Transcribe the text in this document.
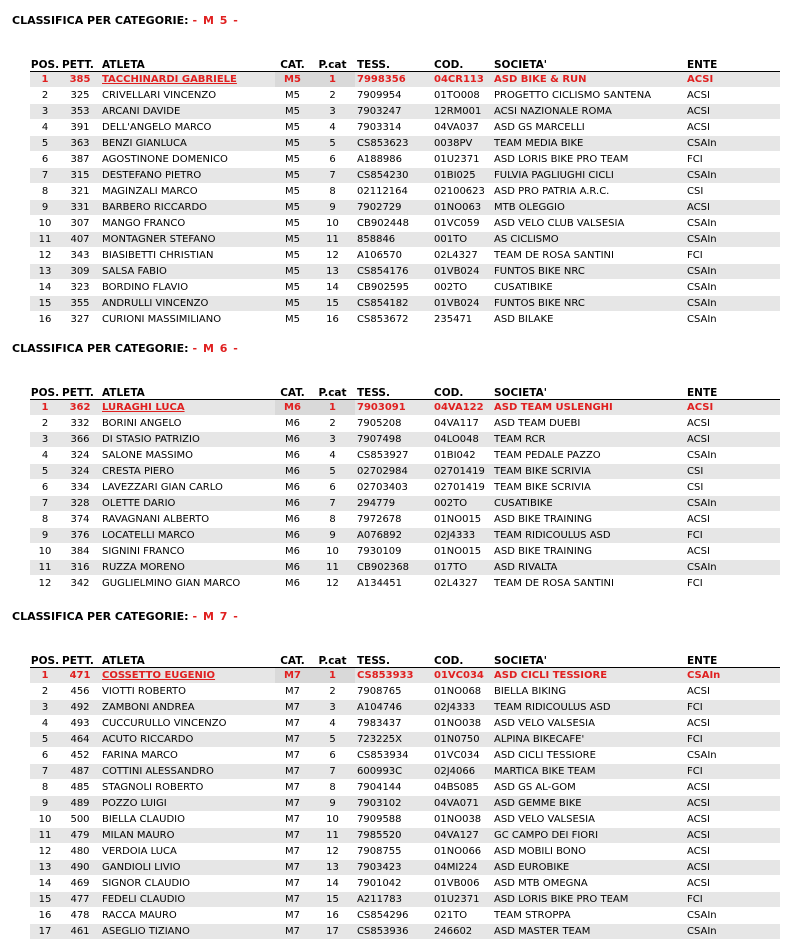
CLASSIFICA PER CATEGORIE: - M 5 -
POS.	PETT.	ATLETA	CAT.	P.cat	TESS.	COD.	SOCIETA'	ENTE
1	385	TACCHINARDI GABRIELE	M5	1	7998356	04CR113	ASD BIKE & RUN	ACSI
2	325	CRIVELLARI VINCENZO	M5	2	7909954	01TO008	PROGETTO CICLISMO SANTENA	ACSI
3	353	ARCANI DAVIDE	M5	3	7903247	12RM001	ACSI NAZIONALE ROMA	ACSI
4	391	DELL'ANGELO MARCO	M5	4	7903314	04VA037	ASD GS MARCELLI	ACSI
5	363	BENZI GIANLUCA	M5	5	CS853623	0038PV	TEAM MEDIA BIKE	CSAIn
6	387	AGOSTINONE DOMENICO	M5	6	A188986	01U2371	ASD LORIS BIKE PRO TEAM	FCI
7	315	DESTEFANO PIETRO	M5	7	CS854230	01BI025	FULVIA PAGLIUGHI CICLI	CSAIn
8	321	MAGINZALI MARCO	M5	8	02112164	02100623	ASD PRO PATRIA A.R.C.	CSI
9	331	BARBERO RICCARDO	M5	9	7902729	01NO063	MTB OLEGGIO	ACSI
10	307	MANGO FRANCO	M5	10	CB902448	01VC059	ASD VELO CLUB VALSESIA	CSAIn
11	407	MONTAGNER STEFANO	M5	11	858846	001TO	AS CICLISMO	CSAIn
12	343	BIASIBETTI CHRISTIAN	M5	12	A106570	02L4327	TEAM DE ROSA SANTINI	FCI
13	309	SALSA FABIO	M5	13	CS854176	01VB024	FUNTOS BIKE NRC	CSAIn
14	323	BORDINO FLAVIO	M5	14	CB902595	002TO	CUSATIBIKE	CSAIn
15	355	ANDRULLI VINCENZO	M5	15	CS854182	01VB024	FUNTOS BIKE NRC	CSAIn
16	327	CURIONI MASSIMILIANO	M5	16	CS853672	235471	ASD BILAKE	CSAIn
CLASSIFICA PER CATEGORIE: - M 6 -
POS.	PETT.	ATLETA	CAT.	P.cat	TESS.	COD.	SOCIETA'	ENTE
1	362	LURAGHI LUCA	M6	1	7903091	04VA122	ASD TEAM USLENGHI	ACSI
2	332	BORINI ANGELO	M6	2	7905208	04VA117	ASD TEAM DUEBI	ACSI
3	366	DI STASIO PATRIZIO	M6	3	7907498	04LO048	TEAM RCR	ACSI
4	324	SALONE MASSIMO	M6	4	CS853927	01BI042	TEAM PEDALE PAZZO	CSAIn
5	324	CRESTA PIERO	M6	5	02702984	02701419	TEAM BIKE SCRIVIA	CSI
6	334	LAVEZZARI GIAN CARLO	M6	6	02703403	02701419	TEAM BIKE SCRIVIA	CSI
7	328	OLETTE DARIO	M6	7	294779	002TO	CUSATIBIKE	CSAIn
8	374	RAVAGNANI ALBERTO	M6	8	7972678	01NO015	ASD BIKE TRAINING	ACSI
9	376	LOCATELLI MARCO	M6	9	A076892	02J4333	TEAM RIDICOULUS ASD	FCI
10	384	SIGNINI FRANCO	M6	10	7930109	01NO015	ASD BIKE TRAINING	ACSI
11	316	RUZZA MORENO	M6	11	CB902368	017TO	ASD RIVALTA	CSAIn
12	342	GUGLIELMINO GIAN MARCO	M6	12	A134451	02L4327	TEAM DE ROSA SANTINI	FCI
CLASSIFICA PER CATEGORIE: - M 7 -
POS.	PETT.	ATLETA	CAT.	P.cat	TESS.	COD.	SOCIETA'	ENTE
1	471	COSSETTO EUGENIO	M7	1	CS853933	01VC034	ASD CICLI TESSIORE	CSAIn
2	456	VIOTTI ROBERTO	M7	2	7908765	01NO068	BIELLA BIKING	ACSI
3	492	ZAMBONI ANDREA	M7	3	A104746	02J4333	TEAM RIDICOULUS ASD	FCI
4	493	CUCCURULLO VINCENZO	M7	4	7983437	01NO038	ASD VELO VALSESIA	ACSI
5	464	ACUTO RICCARDO	M7	5	723225X	01N0750	ALPINA BIKECAFE'	FCI
6	452	FARINA MARCO	M7	6	CS853934	01VC034	ASD CICLI TESSIORE	CSAIn
7	487	COTTINI ALESSANDRO	M7	7	600993C	02J4066	MARTICA BIKE TEAM	FCI
8	485	STAGNOLI ROBERTO	M7	8	7904144	04BS085	ASD GS AL-GOM	ACSI
9	489	POZZO LUIGI	M7	9	7903102	04VA071	ASD GEMME BIKE	ACSI
10	500	BIELLA CLAUDIO	M7	10	7909588	01NO038	ASD VELO VALSESIA	ACSI
11	479	MILAN MAURO	M7	11	7985520	04VA127	GC CAMPO DEI FIORI	ACSI
12	480	VERDOIA LUCA	M7	12	7908755	01NO066	ASD MOBILI BONO	ACSI
13	490	GANDIOLI LIVIO	M7	13	7903423	04MI224	ASD EUROBIKE	ACSI
14	469	SIGNOR CLAUDIO	M7	14	7901042	01VB006	ASD MTB OMEGNA	ACSI
15	477	FEDELI CLAUDIO	M7	15	A211783	01U2371	ASD LORIS BIKE PRO TEAM	FCI
16	478	RACCA MAURO	M7	16	CS854296	021TO	TEAM STROPPA	CSAIn
17	461	ASEGLIO TIZIANO	M7	17	CS853936	246602	ASD MASTER TEAM	CSAIn
